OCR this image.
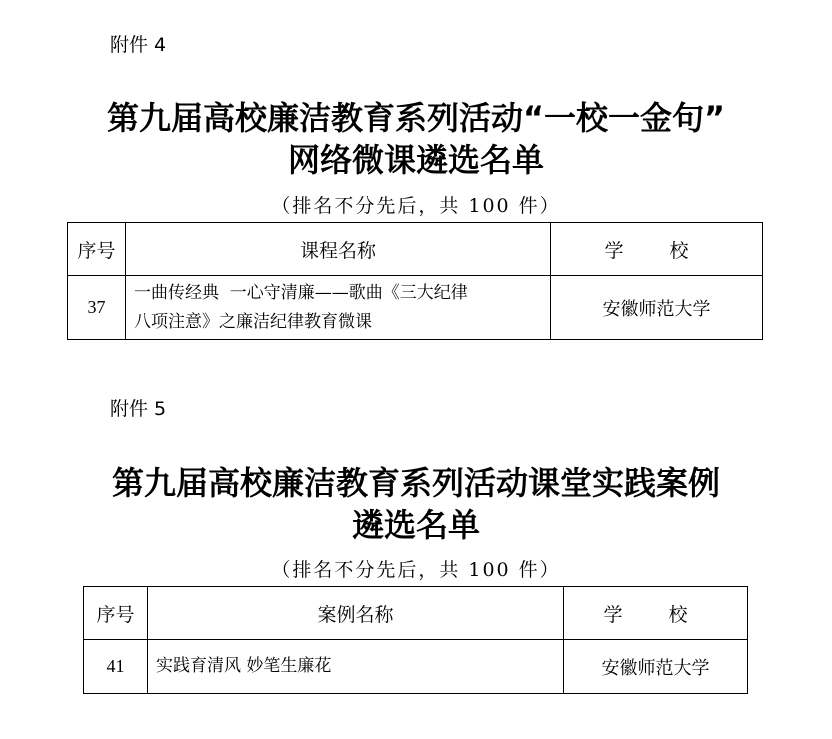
附件 4
第九届高校廉洁教育系列活动“一校一金句”
网络微课遴选名单
（排名不分先后，共 100 件）
序号	课程名称	学 校
37	一曲传经典  一心守清廉——歌曲《三大纪律
八项注意》之廉洁纪律教育微课	安徽师范大学
附件 5
第九届高校廉洁教育系列活动课堂实践案例
遴选名单
（排名不分先后，共 100 件）
序号	案例名称	学 校
41	实践育清风 妙笔生廉花	安徽师范大学
